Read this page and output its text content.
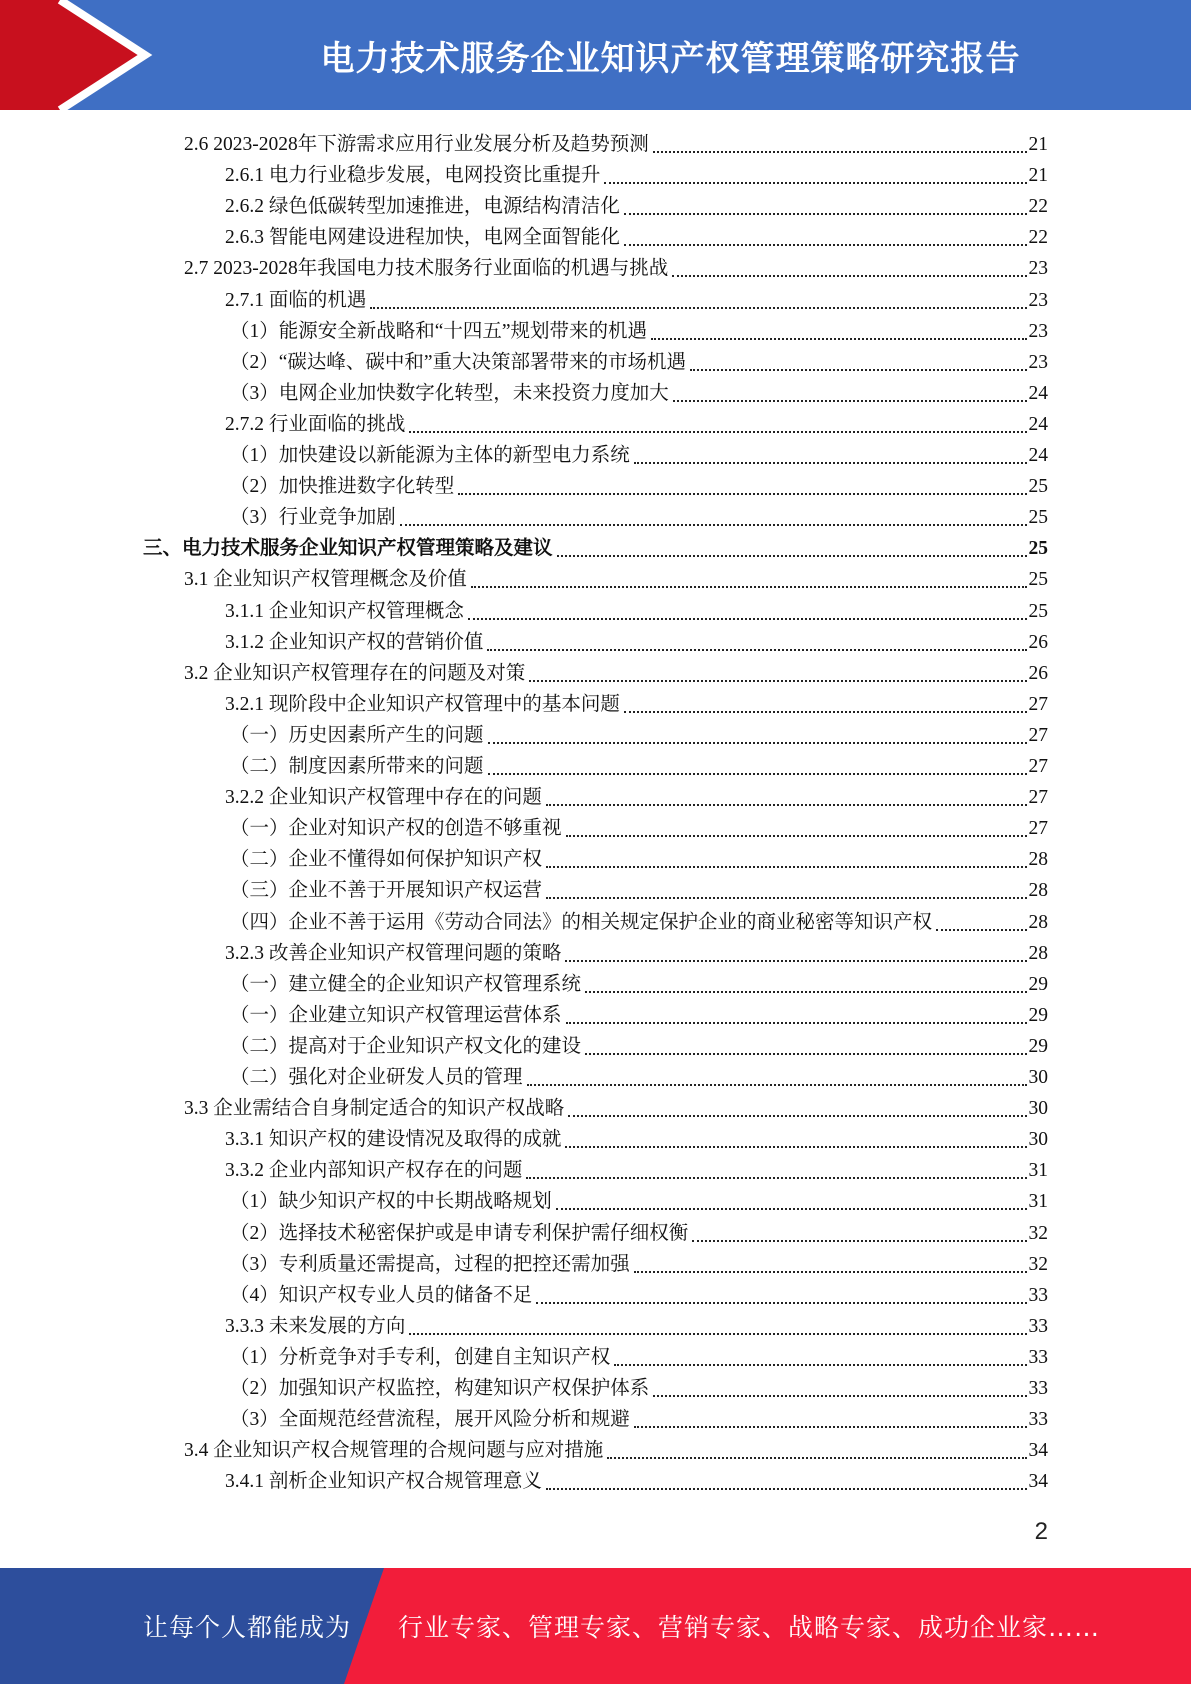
电力技术服务企业知识产权管理策略研究报告
2.6 2023-2028年下游需求应用行业发展分析及趋势预测	21
2.6.1 电力行业稳步发展，电网投资比重提升	21
2.6.2 绿色低碳转型加速推进，电源结构清洁化	22
2.6.3 智能电网建设进程加快，电网全面智能化	22
2.7 2023-2028年我国电力技术服务行业面临的机遇与挑战	23
2.7.1 面临的机遇	23
（1）能源安全新战略和“十四五”规划带来的机遇	23
（2）“碳达峰、碳中和”重大决策部署带来的市场机遇	23
（3）电网企业加快数字化转型，未来投资力度加大	24
2.7.2 行业面临的挑战	24
（1）加快建设以新能源为主体的新型电力系统	24
（2）加快推进数字化转型	25
（3）行业竞争加剧	25
三、电力技术服务企业知识产权管理策略及建议	25
3.1 企业知识产权管理概念及价值	25
3.1.1 企业知识产权管理概念	25
3.1.2 企业知识产权的营销价值	26
3.2 企业知识产权管理存在的问题及对策	26
3.2.1 现阶段中企业知识产权管理中的基本问题	27
（一）历史因素所产生的问题	27
（二）制度因素所带来的问题	27
3.2.2 企业知识产权管理中存在的问题	27
（一）企业对知识产权的创造不够重视	27
（二）企业不懂得如何保护知识产权	28
（三）企业不善于开展知识产权运营	28
（四）企业不善于运用《劳动合同法》的相关规定保护企业的商业秘密等知识产权	28
3.2.3 改善企业知识产权管理问题的策略	28
（一）建立健全的企业知识产权管理系统	29
（一）企业建立知识产权管理运营体系	29
（二）提高对于企业知识产权文化的建设	29
（二）强化对企业研发人员的管理	30
3.3 企业需结合自身制定适合的知识产权战略	30
3.3.1 知识产权的建设情况及取得的成就	30
3.3.2 企业内部知识产权存在的问题	31
（1）缺少知识产权的中长期战略规划	31
（2）选择技术秘密保护或是申请专利保护需仔细权衡	32
（3）专利质量还需提高，过程的把控还需加强	32
（4）知识产权专业人员的储备不足	33
3.3.3 未来发展的方向	33
（1）分析竞争对手专利，创建自主知识产权	33
（2）加强知识产权监控，构建知识产权保护体系	33
（3）全面规范经营流程，展开风险分析和规避	33
3.4 企业知识产权合规管理的合规问题与应对措施	34
3.4.1 剖析企业知识产权合规管理意义	34
2
让每个人都能成为 行业专家、管理专家、营销专家、战略专家、成功企业家……
